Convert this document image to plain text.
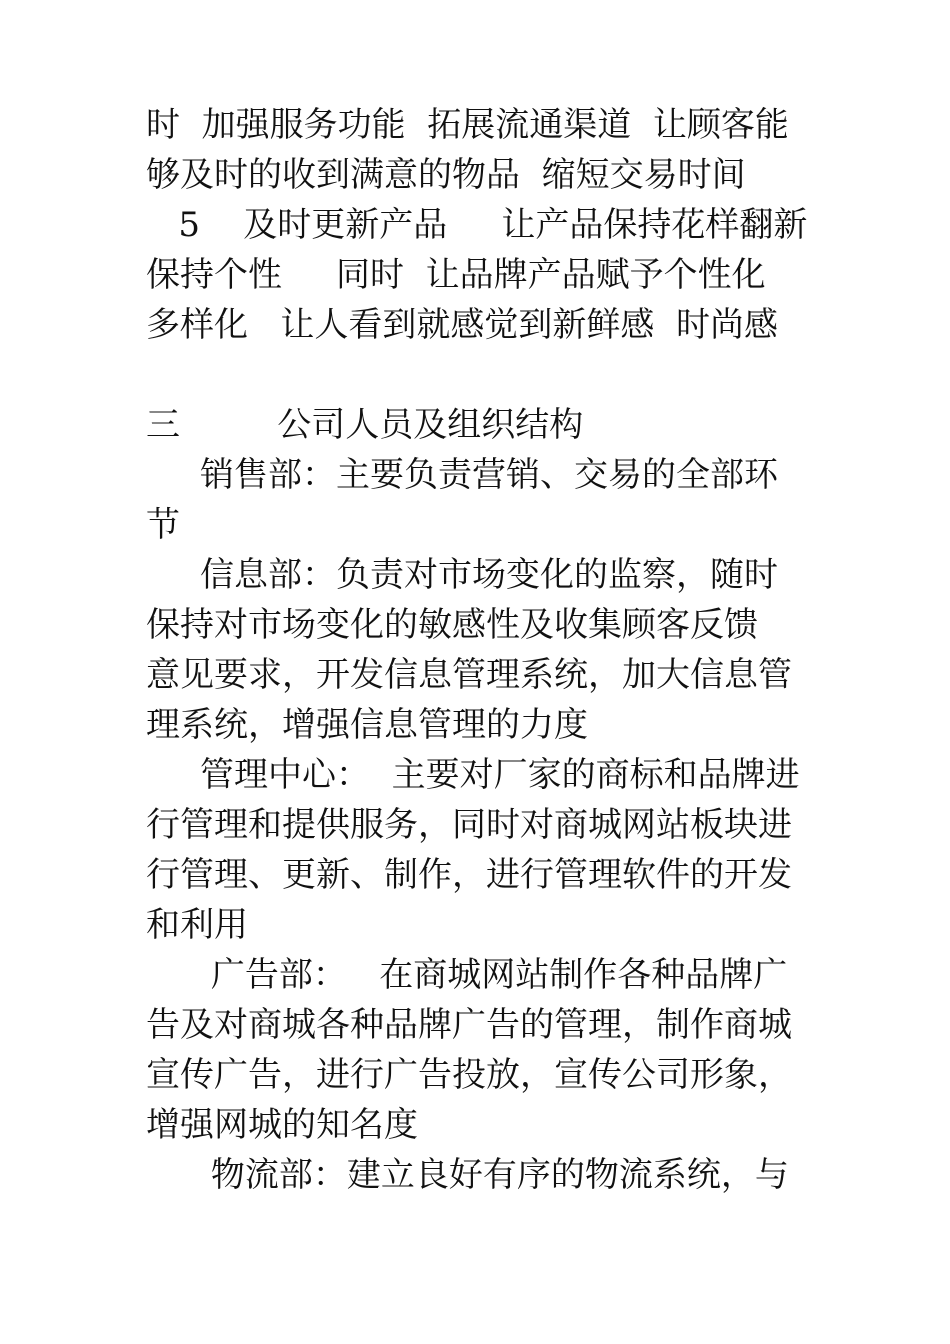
时  加强服务功能  拓展流通渠道  让顾客能
够及时的收到满意的物品  缩短交易时间
5    及时更新产品     让产品保持花样翻新
保持个性     同时  让品牌产品赋予个性化
多样化   让人看到就感觉到新鲜感  时尚感
三         公司人员及组织结构
销售部：主要负责营销、交易的全部环
节
信息部：负责对市场变化的监察，随时
保持对市场变化的敏感性及收集顾客反馈
意见要求，开发信息管理系统，加大信息管
理系统，增强信息管理的力度
管理中心：  主要对厂家的商标和品牌进
行管理和提供服务，同时对商城网站板块进
行管理、更新、制作，进行管理软件的开发
和利用
广告部：   在商城网站制作各种品牌广
告及对商城各种品牌广告的管理，制作商城
宣传广告，进行广告投放，宣传公司形象，
增强网城的知名度
物流部：建立良好有序的物流系统，与
